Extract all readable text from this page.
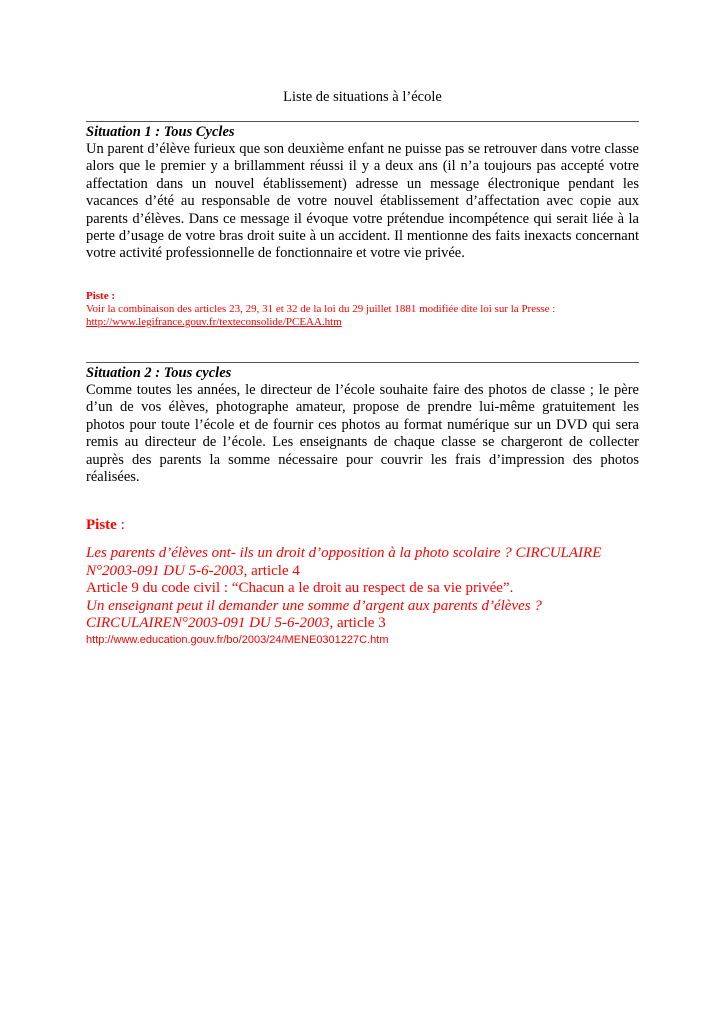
Liste de situations à l’école
Situation 1 : Tous Cycles
Un parent d’élève furieux que son deuxième enfant ne puisse pas se retrouver dans votre classe alors que le premier y a brillamment réussi il y a deux ans (il n’a toujours pas accepté votre affectation dans un nouvel établissement) adresse un message électronique pendant les vacances d’été au responsable de votre nouvel établissement d’affectation avec copie aux parents d’élèves. Dans ce message il évoque votre prétendue incompétence qui serait liée à la perte d’usage de votre bras droit suite à un accident. Il mentionne des faits inexacts concernant votre activité professionnelle de fonctionnaire et votre vie privée.
Piste :
Voir la combinaison des articles 23, 29, 31 et 32 de la loi du 29 juillet 1881 modifiée dite loi sur la Presse :
http://www.legifrance.gouv.fr/texteconsolide/PCEAA.htm
Situation 2 : Tous cycles
Comme toutes les années, le directeur de l’école souhaite faire des photos de classe ; le père d’un de vos élèves, photographe amateur, propose de prendre lui-même gratuitement les photos pour toute l’école et de fournir ces photos au format numérique sur un DVD qui sera remis au directeur de l’école. Les enseignants de chaque classe se chargeront de collecter auprès des parents la somme nécessaire pour couvrir les frais d’impression des photos réalisées.
Piste :
Les parents d’élèves ont- ils un droit d’opposition à la photo scolaire ? CIRCULAIRE
N°2003-091 DU 5-6-2003, article 4
Article 9 du code civil : “Chacun a le droit au respect de sa vie privée”.
Un enseignant peut il demander une somme d’argent aux parents d’élèves ?
CIRCULAIREN°2003-091 DU 5-6-2003, article 3
http://www.education.gouv.fr/bo/2003/24/MENE0301227C.htm
